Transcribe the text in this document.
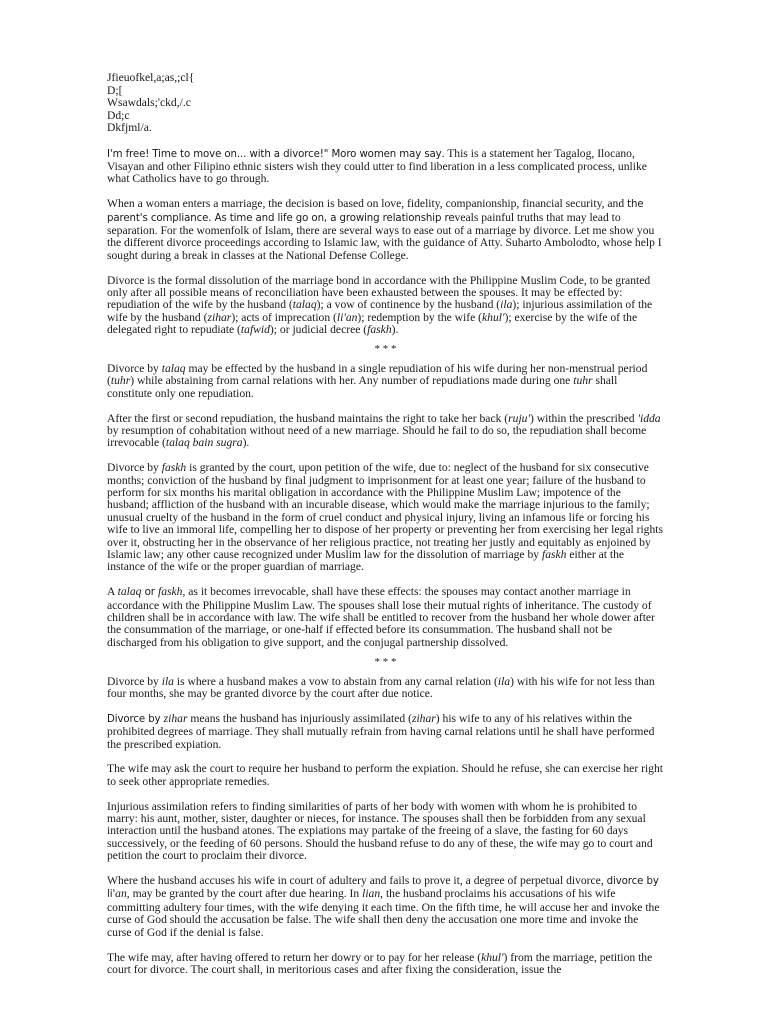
Jfieuofkel,a;as,;cl{
D;[
Wsawdals;'ckd,/.c
Dd;c
Dkfjml/a.

I'm free! Time to move on... with a divorce!" Moro women may say. This is a statement her Tagalog, Ilocano, Visayan and other Filipino ethnic sisters wish they could utter to find liberation in a less complicated process, unlike what Catholics have to go through.

When a woman enters a marriage, the decision is based on love, fidelity, companionship, financial security, and the parent's compliance. As time and life go on, a growing relationship reveals painful truths that may lead to separation. For the womenfolk of Islam, there are several ways to ease out of a marriage by divorce. Let me show you the different divorce proceedings according to Islamic law, with the guidance of Atty. Suharto Ambolodto, whose help I sought during a break in classes at the National Defense College.

Divorce is the formal dissolution of the marriage bond in accordance with the Philippine Muslim Code, to be granted only after all possible means of reconciliation have been exhausted between the spouses. It may be effected by: repudiation of the wife by the husband (talaq); a vow of continence by the husband (ila); injurious assimilation of the wife by the husband (zihar); acts of imprecation (li'an); redemption by the wife (khul'); exercise by the wife of the delegated right to repudiate (tafwid); or judicial decree (faskh).

* * *

Divorce by talaq may be effected by the husband in a single repudiation of his wife during her non-menstrual period (tuhr) while abstaining from carnal relations with her. Any number of repudiations made during one tuhr shall constitute only one repudiation.

After the first or second repudiation, the husband maintains the right to take her back (ruju') within the prescribed 'idda by resumption of cohabitation without need of a new marriage. Should he fail to do so, the repudiation shall become irrevocable (talaq bain sugra).

Divorce by faskh is granted by the court, upon petition of the wife, due to: neglect of the husband for six consecutive months; conviction of the husband by final judgment to imprisonment for at least one year; failure of the husband to perform for six months his marital obligation in accordance with the Philippine Muslim Law; impotence of the husband; affliction of the husband with an incurable disease, which would make the marriage injurious to the family; unusual cruelty of the husband in the form of cruel conduct and physical injury, living an infamous life or forcing his wife to live an immoral life, compelling her to dispose of her property or preventing her from exercising her legal rights over it, obstructing her in the observance of her religious practice, not treating her justly and equitably as enjoined by Islamic law; any other cause recognized under Muslim law for the dissolution of marriage by faskh either at the instance of the wife or the proper guardian of marriage.

A talaq or faskh, as it becomes irrevocable, shall have these effects: the spouses may contact another marriage in accordance with the Philippine Muslim Law. The spouses shall lose their mutual rights of inheritance. The custody of children shall be in accordance with law. The wife shall be entitled to recover from the husband her whole dower after the consummation of the marriage, or one-half if effected before its consummation. The husband shall not be discharged from his obligation to give support, and the conjugal partnership dissolved.

* * *

Divorce by ila is where a husband makes a vow to abstain from any carnal relation (ila) with his wife for not less than four months, she may be granted divorce by the court after due notice.

Divorce by zihar means the husband has injuriously assimilated (zihar) his wife to any of his relatives within the prohibited degrees of marriage. They shall mutually refrain from having carnal relations until he shall have performed the prescribed expiation.

The wife may ask the court to require her husband to perform the expiation. Should he refuse, she can exercise her right to seek other appropriate remedies.

Injurious assimilation refers to finding similarities of parts of her body with women with whom he is prohibited to marry: his aunt, mother, sister, daughter or nieces, for instance. The spouses shall then be forbidden from any sexual interaction until the husband atones. The expiations may partake of the freeing of a slave, the fasting for 60 days successively, or the feeding of 60 persons. Should the husband refuse to do any of these, the wife may go to court and petition the court to proclaim their divorce.

Where the husband accuses his wife in court of adultery and fails to prove it, a degree of perpetual divorce, divorce by li'an, may be granted by the court after due hearing. In lian, the husband proclaims his accusations of his wife committing adultery four times, with the wife denying it each time. On the fifth time, he will accuse her and invoke the curse of God should the accusation be false. The wife shall then deny the accusation one more time and invoke the curse of God if the denial is false.

The wife may, after having offered to return her dowry or to pay for her release (khul') from the marriage, petition the court for divorce. The court shall, in meritorious cases and after fixing the consideration, issue the
